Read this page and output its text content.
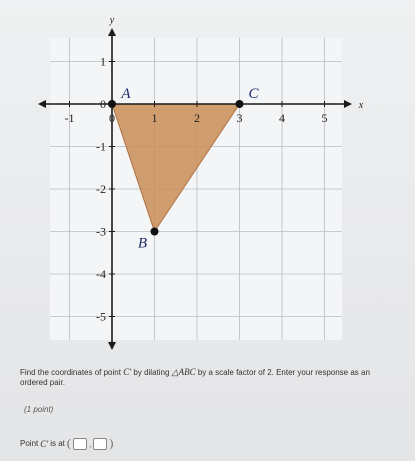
x
y
-1	0	1	2	3	4	5
1
0
-1
-2
-3
-4
-5
A
B
C
Find the coordinates of point C′ by dilating △ABC by a scale factor of 2. Enter your response as an ordered pair.
(1 point)
Point C′ is at ( , )
